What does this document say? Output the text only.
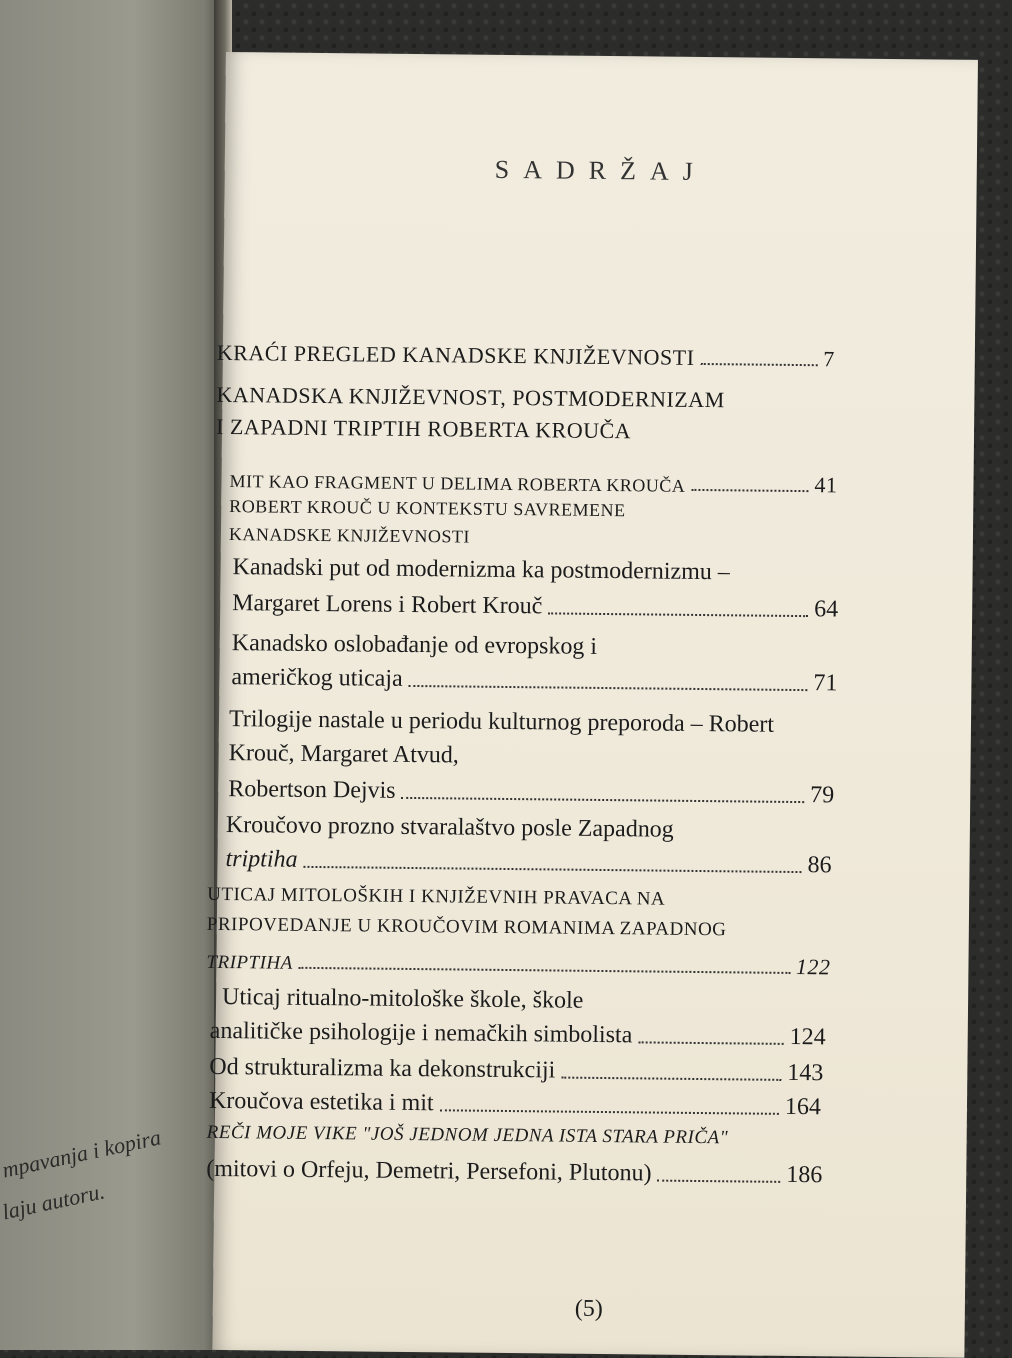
mpavanja i kopira
laju autoru.
SADRŽAJ
KRAĆI PREGLED KANADSKE KNJIŽEVNOSTI	7
KANADSKA KNJIŽEVNOST, POSTMODERNIZAM
I ZAPADNI TRIPTIH ROBERTA KROUČA
MIT KAO FRAGMENT U DELIMA ROBERTA KROUČA	41
ROBERT KROUČ U KONTEKSTU SAVREMENE
KANADSKE KNJIŽEVNOSTI
Kanadski put od modernizma ka postmodernizmu –
Margaret Lorens i Robert Krouč	64
Kanadsko oslobađanje od evropskog i
američkog uticaja	71
Trilogije nastale u periodu kulturnog preporoda – Robert
Krouč, Margaret Atvud,
Robertson Dejvis	79
Kroučovo prozno stvaralaštvo posle Zapadnog
triptiha	86
UTICAJ MITOLOŠKIH I KNJIŽEVNIH PRAVACA NA
PRIPOVEDANJE U KROUČOVIM ROMANIMA ZAPADNOG
TRIPTIHA	122
Uticaj ritualno-mitološke škole, škole
analitičke psihologije i nemačkih simbolista	124
Od strukturalizma ka dekonstrukciji	143
Kroučova estetika i mit	164
REČI MOJE VIKE "JOŠ JEDNOM JEDNA ISTA STARA PRIČA"
(mitovi o Orfeju, Demetri, Persefoni, Plutonu)	186
(5)
